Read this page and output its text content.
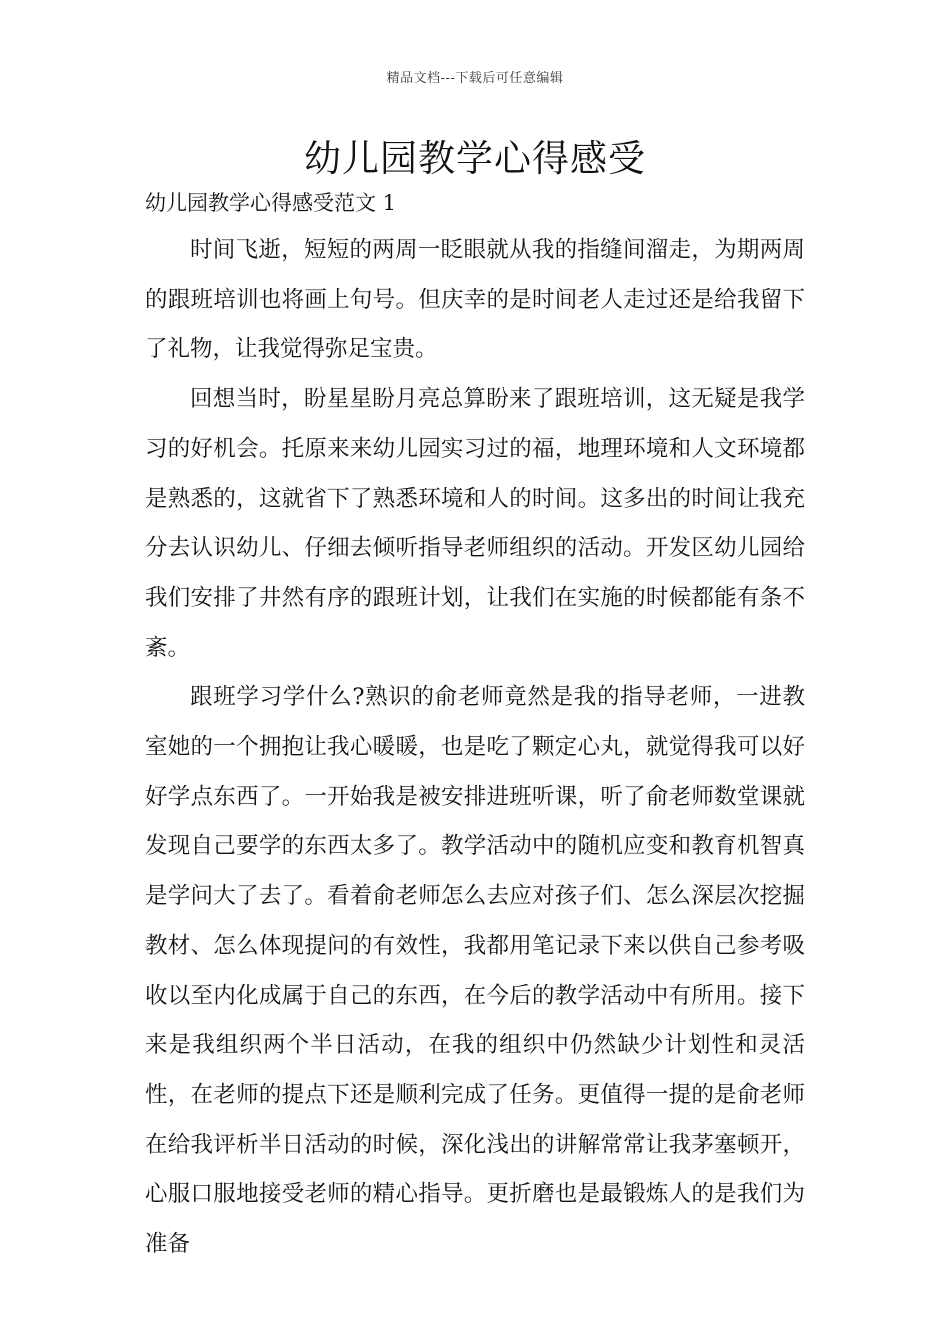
精品文档---下载后可任意编辑
幼儿园教学心得感受

幼儿园教学心得感受范文 1

时间飞逝，短短的两周一眨眼就从我的指缝间溜走，为期两周的跟班培训也将画上句号。但庆幸的是时间老人走过还是给我留下了礼物，让我觉得弥足宝贵。

回想当时，盼星星盼月亮总算盼来了跟班培训，这无疑是我学习的好机会。托原来来幼儿园实习过的福，地理环境和人文环境都是熟悉的，这就省下了熟悉环境和人的时间。这多出的时间让我充分去认识幼儿、仔细去倾听指导老师组织的活动。开发区幼儿园给我们安排了井然有序的跟班计划，让我们在实施的时候都能有条不紊。

跟班学习学什么?熟识的俞老师竟然是我的指导老师，一进教室她的一个拥抱让我心暖暖，也是吃了颗定心丸，就觉得我可以好好学点东西了。一开始我是被安排进班听课，听了俞老师数堂课就发现自己要学的东西太多了。教学活动中的随机应变和教育机智真是学问大了去了。看着俞老师怎么去应对孩子们、怎么深层次挖掘教材、怎么体现提问的有效性，我都用笔记录下来以供自己参考吸收以至内化成属于自己的东西，在今后的教学活动中有所用。接下来是我组织两个半日活动，在我的组织中仍然缺少计划性和灵活性，在老师的提点下还是顺利完成了任务。更值得一提的是俞老师在给我评析半日活动的时候，深化浅出的讲解常常让我茅塞顿开，心服口服地接受老师的精心指导。更折磨也是最锻炼人的是我们为准备
